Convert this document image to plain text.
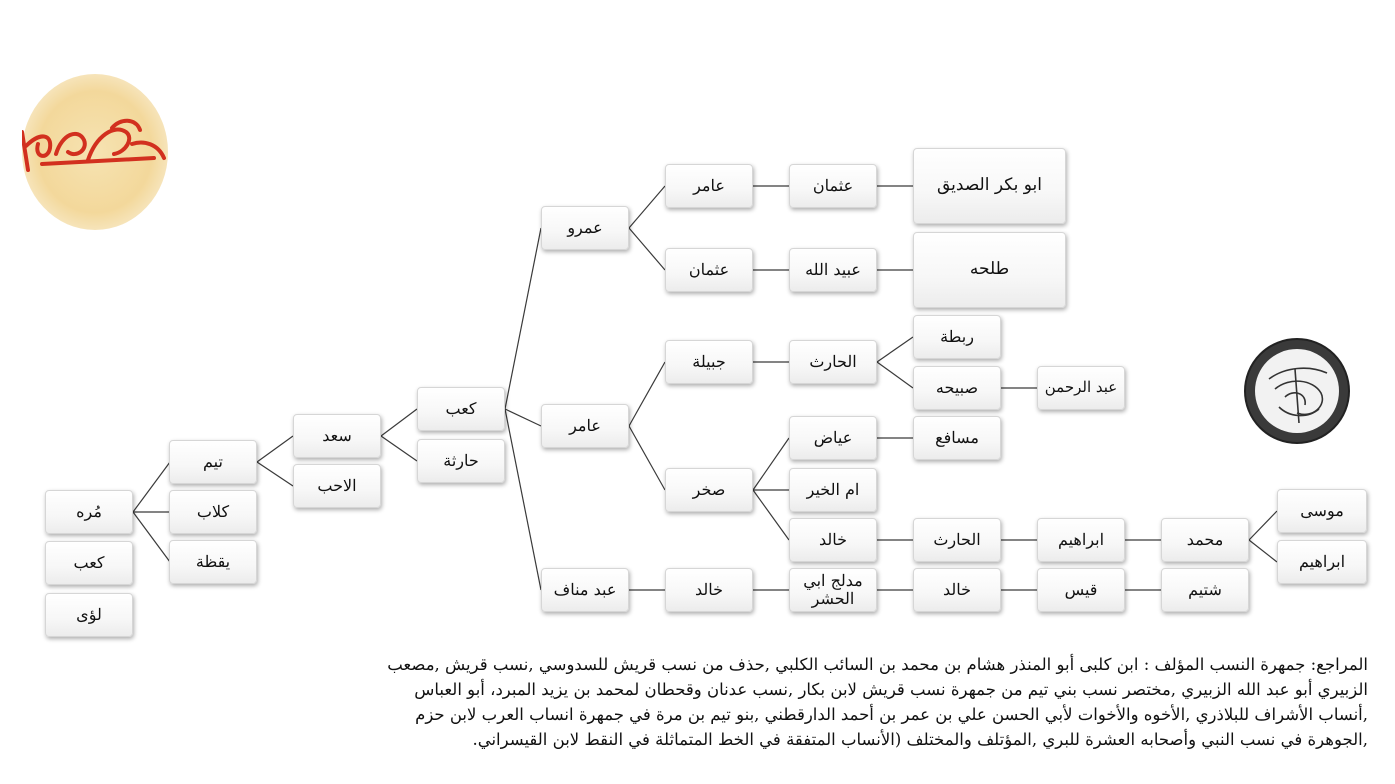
مُره
كعب
لؤى
تيم
كلاب
يقظة
سعد
الاحب
كعب
حارثة
عمرو
عامر
عبد مناف
عامر
عثمان
جبيلة
صخر
خالد
عثمان
عبيد الله
الحارث
عياض
ام الخير
خالد
مدلج ابي الحشر
ابو بكر الصديق
طلحه
ربطة
صبيحه
مسافع
الحارث
خالد
عبد الرحمن
ابراهيم
قيس
محمد
شتيم
موسى
ابراهيم
المراجع: جمهرة النسب المؤلف : ابن كلبى أبو المنذر هشام بن محمد بن السائب الكلبي ,حذف من نسب قريش للسدوسي ,نسب قريش ,مصعب
الزبيري أبو عبد الله الزبيري ,مختصر نسب بني تيم من جمهرة نسب قريش لابن بكار ,نسب عدنان وقحطان لمحمد بن يزيد المبرد، أبو العباس
,أنساب الأشراف للبلاذري ,الأخوه والأخوات لأبي الحسن علي بن عمر بن أحمد الدارقطني ,بنو تيم بن مرة في جمهرة انساب العرب لابن حزم
,الجوهرة في نسب النبي وأصحابه العشرة للبري ,المؤتلف والمختلف (الأنساب المتفقة في الخط المتماثلة في النقط لابن القيسراني.
